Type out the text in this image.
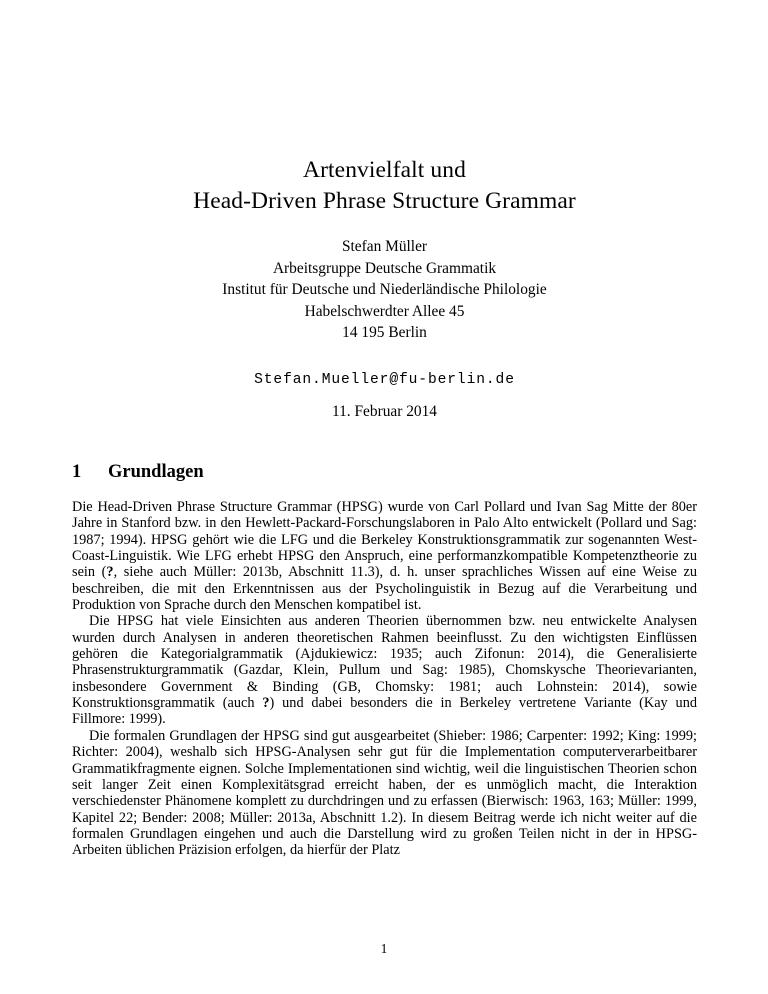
Artenvielfalt und
Head-Driven Phrase Structure Grammar
Stefan Müller
Arbeitsgruppe Deutsche Grammatik
Institut für Deutsche und Niederländische Philologie
Habelschwerdter Allee 45
14 195 Berlin
Stefan.Mueller@fu-berlin.de
11. Februar 2014
1 Grundlagen

Die Head-Driven Phrase Structure Grammar (HPSG) wurde von Carl Pollard und Ivan Sag Mitte der 80er Jahre in Stanford bzw. in den Hewlett-Packard-Forschungslaboren in Palo Alto entwickelt (Pollard und Sag: 1987; 1994). HPSG gehört wie die LFG und die Berkeley Konstruktionsgrammatik zur sogenannten West-Coast-Linguistik. Wie LFG erhebt HPSG den Anspruch, eine performanzkompatible Kompetenztheorie zu sein (?, siehe auch Müller: 2013b, Abschnitt 11.3), d. h. unser sprachliches Wissen auf eine Weise zu beschreiben, die mit den Erkenntnissen aus der Psycholinguistik in Bezug auf die Verarbeitung und Produktion von Sprache durch den Menschen kompatibel ist.

Die HPSG hat viele Einsichten aus anderen Theorien übernommen bzw. neu entwickelte Analysen wurden durch Analysen in anderen theoretischen Rahmen beeinflusst. Zu den wichtigsten Einflüssen gehören die Kategorialgrammatik (Ajdukiewicz: 1935; auch Zifonun: 2014), die Generalisierte Phrasenstrukturgrammatik (Gazdar, Klein, Pullum und Sag: 1985), Chomskysche Theorievarianten, insbesondere Government & Binding (GB, Chomsky: 1981; auch Lohnstein: 2014), sowie Konstruktionsgrammatik (auch ?) und dabei besonders die in Berkeley vertretene Variante (Kay und Fillmore: 1999).

Die formalen Grundlagen der HPSG sind gut ausgearbeitet (Shieber: 1986; Carpenter: 1992; King: 1999; Richter: 2004), weshalb sich HPSG-Analysen sehr gut für die Implementation computerverarbeitbarer Grammatikfragmente eignen. Solche Implementationen sind wichtig, weil die linguistischen Theorien schon seit langer Zeit einen Komplexitätsgrad erreicht haben, der es unmöglich macht, die Interaktion verschiedenster Phänomene komplett zu durchdringen und zu erfassen (Bierwisch: 1963, 163; Müller: 1999, Kapitel 22; Bender: 2008; Müller: 2013a, Abschnitt 1.2). In diesem Beitrag werde ich nicht weiter auf die formalen Grundlagen eingehen und auch die Darstellung wird zu großen Teilen nicht in der in HPSG-Arbeiten üblichen Präzision erfolgen, da hierfür der Platz

1
